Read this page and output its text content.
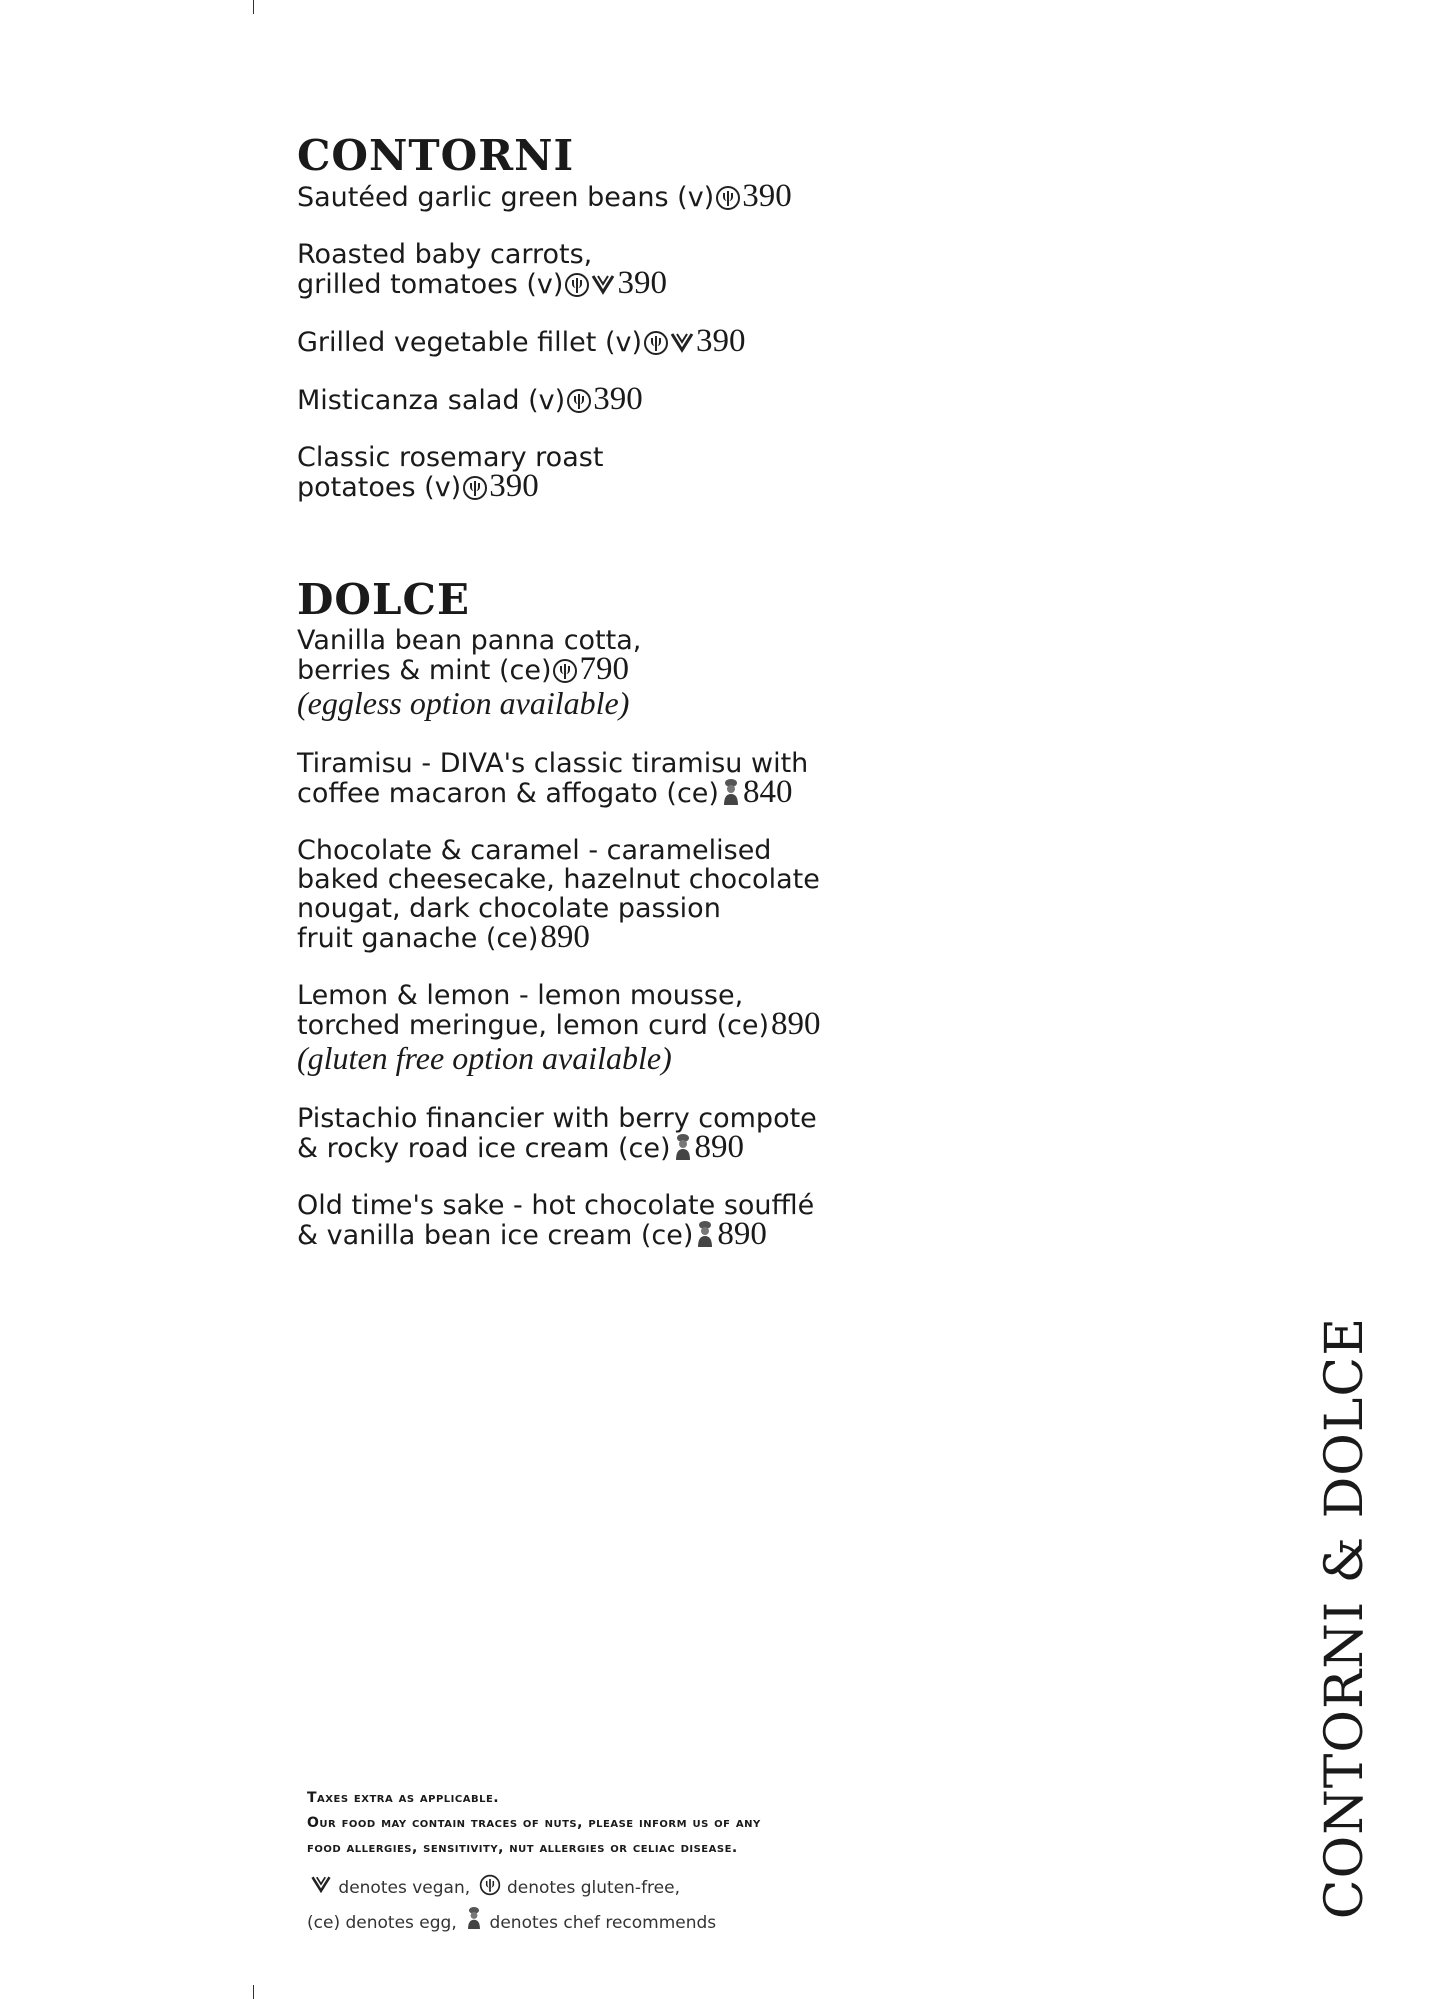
CONTORNI
Sautéed garlic green beans (v) 390
Roasted baby carrots,
grilled tomatoes (v) 390
Grilled vegetable fillet (v) 390
Misticanza salad (v) 390
Classic rosemary roast
potatoes (v) 390
DOLCE
Vanilla bean panna cotta,
berries & mint (ce) 790
(eggless option available)
Tiramisu - DIVA's classic tiramisu with
coffee macaron & affogato (ce) 840
Chocolate & caramel - caramelised
baked cheesecake, hazelnut chocolate
nougat, dark chocolate passion
fruit ganache (ce)890
Lemon & lemon - lemon mousse,
torched meringue, lemon curd (ce)890
(gluten free option available)
Pistachio financier with berry compote
& rocky road ice cream (ce) 890
Old time's sake - hot chocolate soufflé
& vanilla bean ice cream (ce) 890
Taxes extra as applicable.
Our food may contain traces of nuts, please inform us of any
food allergies, sensitivity, nut allergies or celiac disease.
denotes vegan, denotes gluten-free,
(ce) denotes egg, denotes chef recommends
CONTORNI & DOLCE
